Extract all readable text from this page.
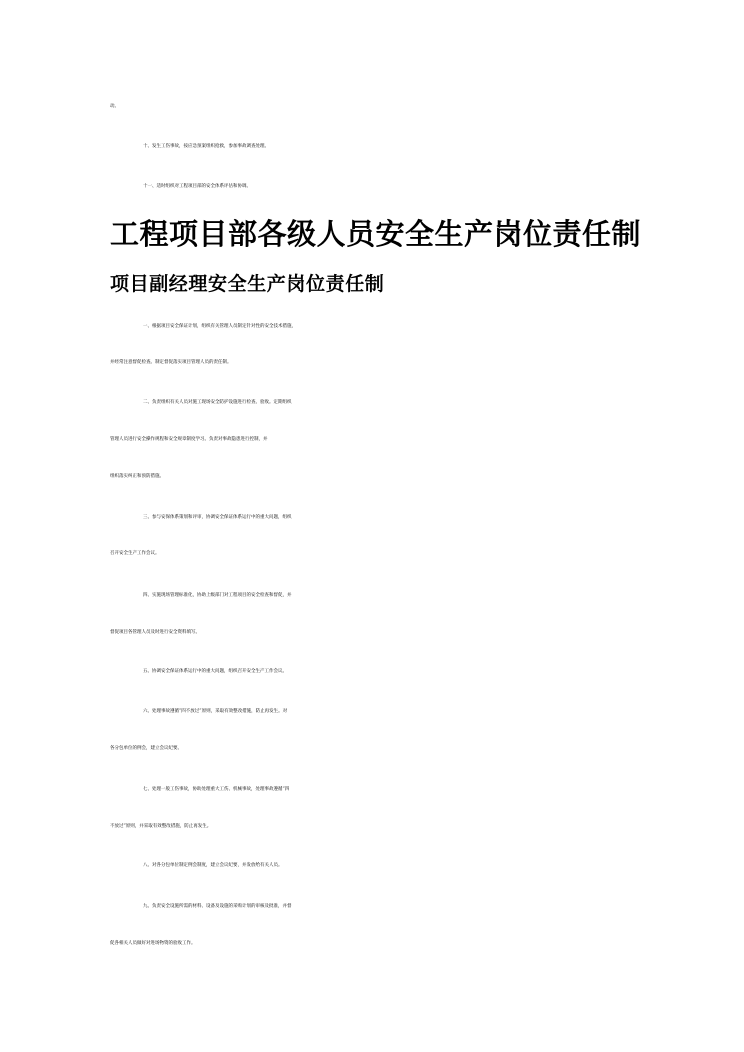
动。
十、发生工伤事故，按应急预案组织抢救，参加事故调查处理。
十一、适时组织对工程项目部的安全体系评估和协调。
工程项目部各级人员安全生产岗位责任制
项目副经理安全生产岗位责任制
一、根据项目安全保证计划，组织有关管理人员制定针对性的安全技术措施，
并经常注意督促检查。制定督促落实项目管理人员的责任制。
二、负责组织有关人员对施工现场安全防护设施进行检查、验收。定期组织
管理人员进行安全操作规程和安全规章制度学习。负责对事故隐患进行控制，并
组织落实纠正和预防措施。
三、参与安保体系策划和评审，协调安全保证体系运行中的重大问题，组织
召开安全生产工作会议。
四、实施现场管理标准化，协助上级部门对工程项目的安全检查和督促，并
督促项目各管理人员及时进行安全资料填写。
五、协调安全保证体系运行中的重大问题，组织召开安全生产工作会议。
六、处理事故遵循“四不放过”原则，采取有效整改措施，防止再发生。对
各分包单位的例会，建立会议纪要。
七、处理一般工伤事故，协助处理重大工伤、机械事故，处理事故遵循“四
不放过”原则，并采取有效整改措施，防止再发生。
八、对各分包单位制定例会制度，建立会议纪要，并发放给有关人员。
九、负责安全设施所需的材料、设备及设施的采购计划的审核及批准，并督
促各相关人员做好对进场物资的验收工作。
